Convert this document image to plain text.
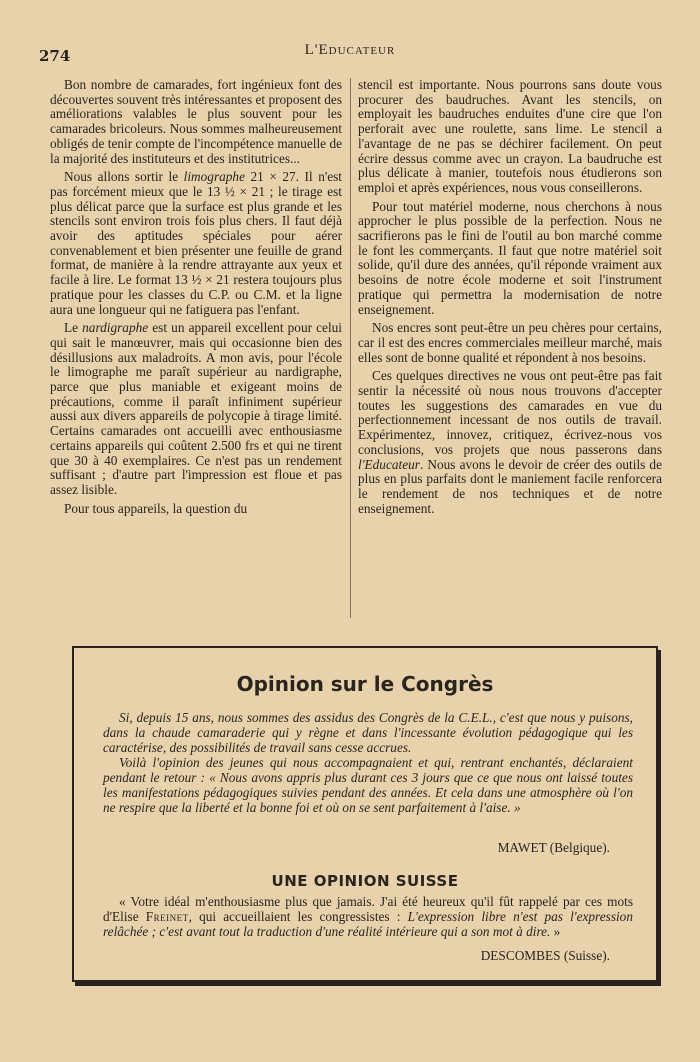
274	L'Educateur

Bon nombre de camarades, fort ingénieux font des découvertes souvent très intéressantes et proposent des améliorations valables le plus souvent pour les camarades bricoleurs. Nous sommes malheureusement obligés de tenir compte de l'incompétence manuelle de la majorité des instituteurs et des institutrices...

Nous allons sortir le limographe 21 × 27. Il n'est pas forcément mieux que le 13 ½ × 21 ; le tirage est plus délicat parce que la surface est plus grande et les stencils sont environ trois fois plus chers. Il faut déjà avoir des aptitudes spéciales pour aérer convenablement et bien présenter une feuille de grand format, de manière à la rendre attrayante aux yeux et facile à lire. Le format 13 ½ × 21 restera toujours plus pratique pour les classes du C.P. ou C.M. et la ligne aura une longueur qui ne fatiguera pas l'enfant.

Le nardigraphe est un appareil excellent pour celui qui sait le manœuvrer, mais qui occasionne bien des désillusions aux maladroits. A mon avis, pour l'école le limographe me paraît supérieur au nardigraphe, parce que plus maniable et exigeant moins de précautions, comme il paraît infiniment supérieur aussi aux divers appareils de polycopie à tirage limité. Certains camarades ont accueilli avec enthousiasme certains appareils qui coûtent 2.500 frs et qui ne tirent que 30 à 40 exemplaires. Ce n'est pas un rendement suffisant ; d'autre part l'impression est floue et pas assez lisible.

Pour tous appareils, la question du

stencil est importante. Nous pourrons sans doute vous procurer des baudruches. Avant les stencils, on employait les baudruches enduites d'une cire que l'on perforait avec une roulette, sans lime. Le stencil a l'avantage de ne pas se déchirer facilement. On peut écrire dessus comme avec un crayon. La baudruche est plus délicate à manier, toutefois nous étudierons son emploi et après expériences, nous vous conseillerons.

Pour tout matériel moderne, nous cherchons à nous approcher le plus possible de la perfection. Nous ne sacrifierons pas le fini de l'outil au bon marché comme le font les commerçants. Il faut que notre matériel soit solide, qu'il dure des années, qu'il réponde vraiment aux besoins de notre école moderne et soit l'instrument pratique qui permettra la modernisation de notre enseignement.

Nos encres sont peut-être un peu chères pour certains, car il est des encres commerciales meilleur marché, mais elles sont de bonne qualité et répondent à nos besoins.

Ces quelques directives ne vous ont peut-être pas fait sentir la nécessité où nous nous trouvons d'accepter toutes les suggestions des camarades en vue du perfectionnement incessant de nos outils de travail. Expérimentez, innovez, critiquez, écrivez-nous vos conclusions, vos projets que nous passerons dans l'Educateur. Nous avons le devoir de créer des outils de plus en plus parfaits dont le maniement facile renforcera le rendement de nos techniques et de notre enseignement.

Opinion sur le Congrès

Si, depuis 15 ans, nous sommes des assidus des Congrès de la C.E.L., c'est que nous y puisons, dans la chaude camaraderie qui y règne et dans l'incessante évolution pédagogique qui les caractérise, des possibilités de travail sans cesse accrues.

Voilà l'opinion des jeunes qui nous accompagnaient et qui, rentrant enchantés, déclaraient pendant le retour : « Nous avons appris plus durant ces 3 jours que ce que nous ont laissé toutes les manifestations pédagogiques suivies pendant des années. Et cela dans une atmosphère où l'on ne respire que la liberté et la bonne foi et où on se sent parfaitement à l'aise. »

MAWET (Belgique).
UNE OPINION SUISSE

« Votre idéal m'enthousiasme plus que jamais. J'ai été heureux qu'il fût rappelé par ces mots d'Elise Freinet, qui accueillaient les congressistes : L'expression libre n'est pas l'expression relâchée ; c'est avant tout la traduction d'une réalité intérieure qui a son mot à dire. »

DESCOMBES (Suisse).
